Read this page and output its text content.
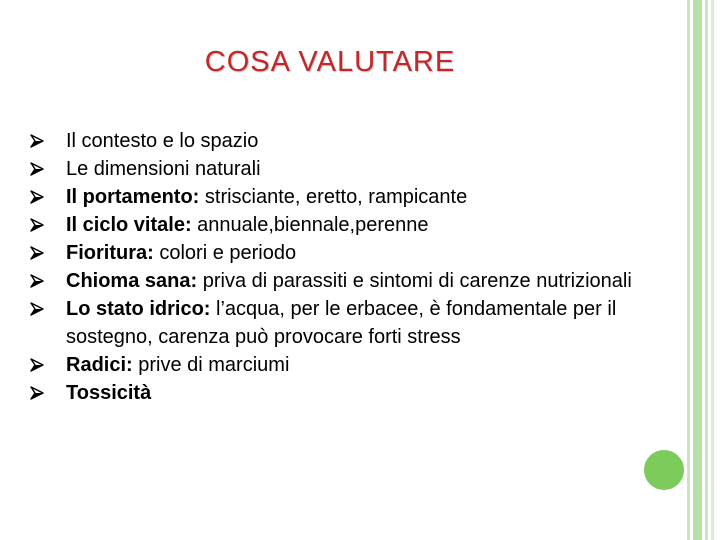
COSA VALUTARE
Il contesto e lo spazio
Le dimensioni naturali
Il portamento: strisciante, eretto, rampicante
Il ciclo vitale: annuale,biennale,perenne
Fioritura: colori e periodo
Chioma sana: priva di parassiti e sintomi di carenze nutrizionali
Lo stato idrico: l’acqua, per le erbacee, è fondamentale per il sostegno, carenza può provocare forti stress
Radici: prive di marciumi
Tossicità
